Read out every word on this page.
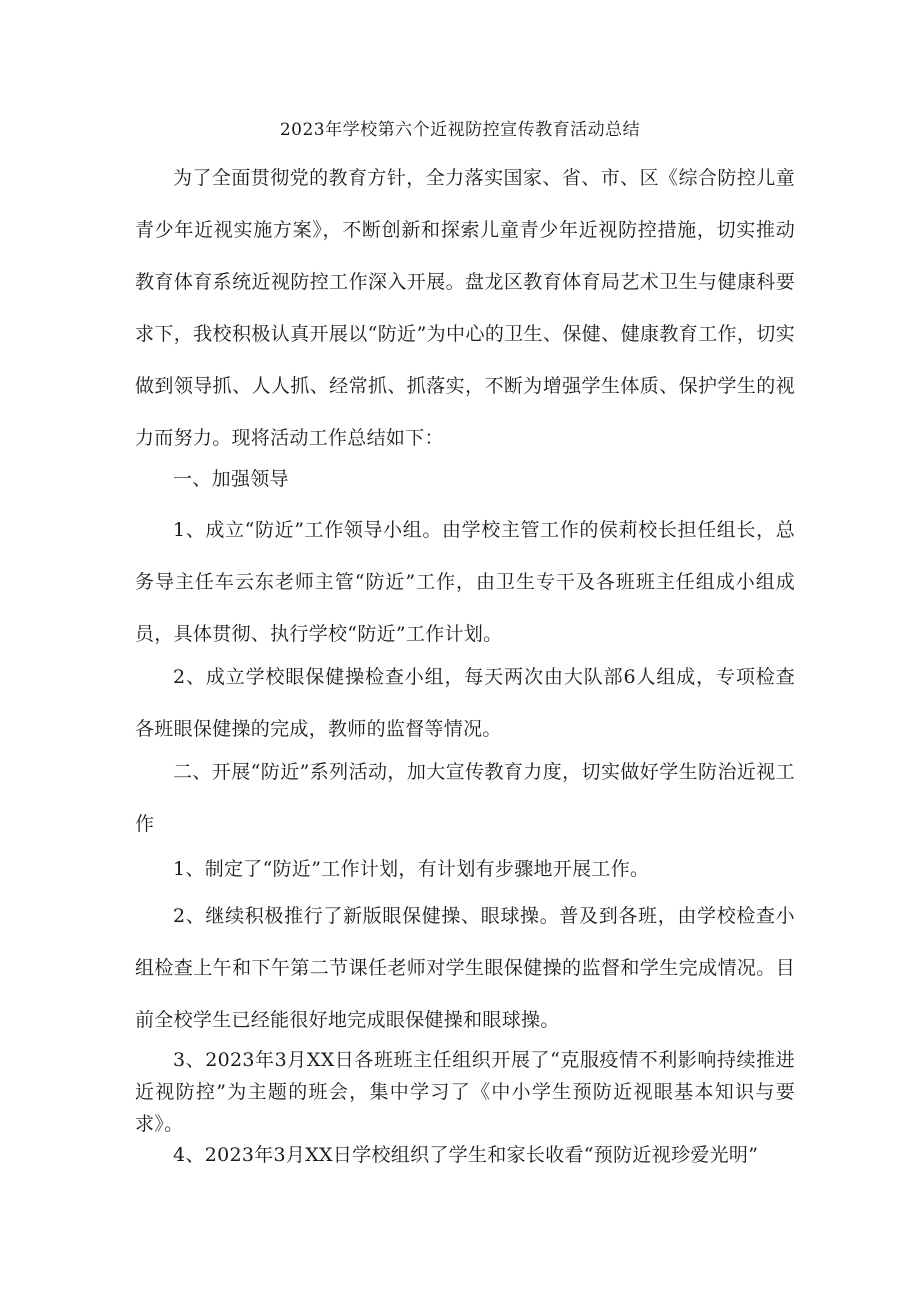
2023年学校第六个近视防控宣传教育活动总结

为了全面贯彻党的教育方针，全力落实国家、省、市、区《综合防控儿童青少年近视实施方案》，不断创新和探索儿童青少年近视防控措施，切实推动教育体育系统近视防控工作深入开展。盘龙区教育体育局艺术卫生与健康科要求下，我校积极认真开展以“防近”为中心的卫生、保健、健康教育工作，切实做到领导抓、人人抓、经常抓、抓落实，不断为增强学生体质、保护学生的视力而努力。现将活动工作总结如下：

一、加强领导

1、成立“防近”工作领导小组。由学校主管工作的侯莉校长担任组长，总务导主任车云东老师主管“防近”工作，由卫生专干及各班班主任组成小组成员，具体贯彻、执行学校“防近”工作计划。

2、成立学校眼保健操检查小组，每天两次由大队部6人组成，专项检查各班眼保健操的完成，教师的监督等情况。

二、开展“防近”系列活动，加大宣传教育力度，切实做好学生防治近视工作

1、制定了“防近”工作计划，有计划有步骤地开展工作。

2、继续积极推行了新版眼保健操、眼球操。普及到各班，由学校检查小组检查上午和下午第二节课任老师对学生眼保健操的监督和学生完成情况。目前全校学生已经能很好地完成眼保健操和眼球操。

3、2023年3月XX日各班班主任组织开展了“克服疫情不利影响持续推进近视防控”为主题的班会，集中学习了《中小学生预防近视眼基本知识与要求》。

4、2023年3月XX日学校组织了学生和家长收看“预防近视珍爱光明”
